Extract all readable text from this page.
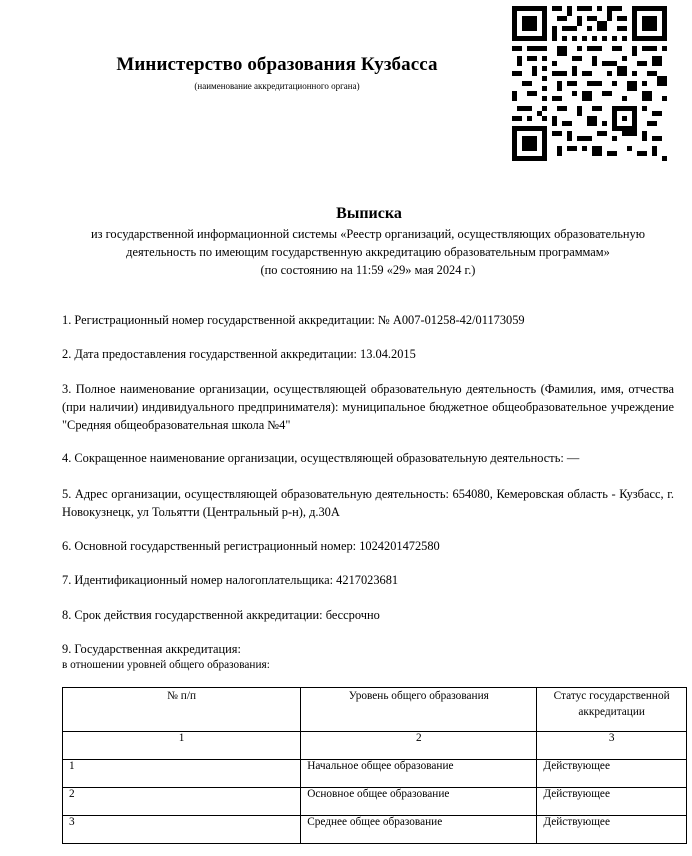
Министерство образования Кузбасса
(наименование аккредитационного органа)
Выписка
из государственной информационной системы «Реестр организаций, осуществляющих образовательную
деятельность по имеющим государственную аккредитацию образовательным программам»
(по состоянию на 11:59 «29» мая 2024 г.)
1. Регистрационный номер государственной аккредитации: № А007-01258-42/01173059
2. Дата предоставления государственной аккредитации: 13.04.2015
3. Полное наименование организации, осуществляющей образовательную деятельность (Фамилия, имя, отчества (при наличии) индивидуального предпринимателя): муниципальное бюджетное общеобразовательное учреждение "Средняя общеобразовательная школа №4"
4. Сокращенное наименование организации, осуществляющей образовательную деятельность: —
5. Адрес организации, осуществляющей образовательную деятельность: 654080, Кемеровская область - Кузбасс, г. Новокузнецк, ул Тольятти (Центральный р-н), д.30А
6. Основной государственный регистрационный номер: 1024201472580
7. Идентификационный номер налогоплательщика: 4217023681
8. Срок действия государственной аккредитации: бессрочно
9. Государственная аккредитация:
в отношении уровней общего образования:
№ п/п	Уровень общего образования	Статус государственной аккредитации
1	2	3
1	Начальное общее образование	Действующее
2	Основное общее образование	Действующее
3	Среднее общее образование	Действующее
